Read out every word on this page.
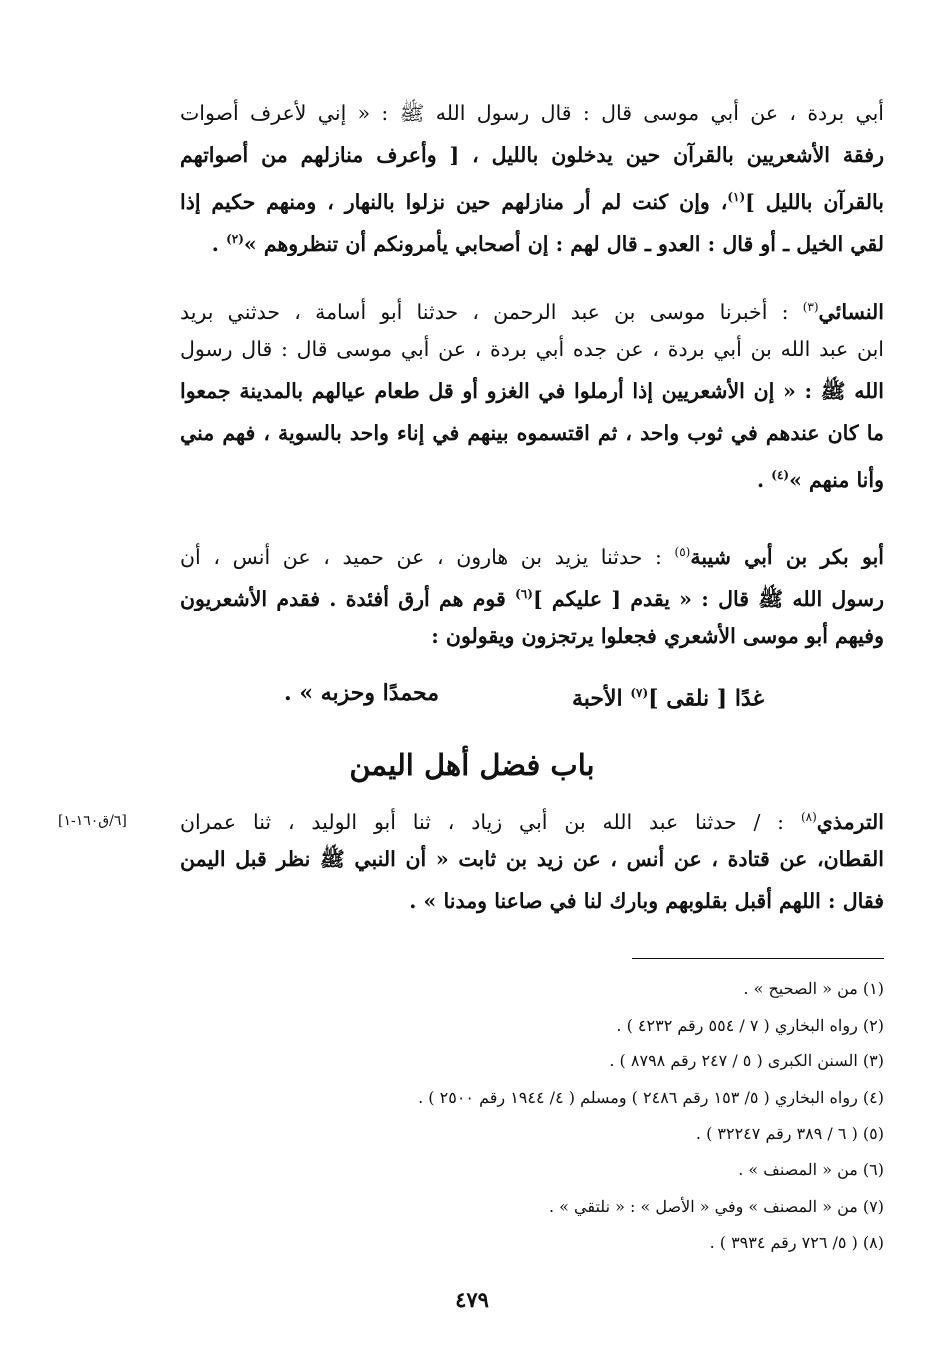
أبي بردة ، عن أبي موسى قال : قال رسول الله ﷺ : « إني لأعرف أصوات
رفقة الأشعريين بالقرآن حين يدخلون بالليل ، [ وأعرف منازلهم من أصواتهم
بالقرآن بالليل ]$^{(١)}$، وإن كنت لم أر منازلهم حين نزلوا بالنهار ، ومنهم حكيم إذا
لقي الخيل ـ أو قال : العدو ـ قال لهم : إن أصحابي يأمرونكم أن تنظروهم »$^{(٢)}$ .
النسائي$^{(٣)}$ : أخبرنا موسى بن عبد الرحمن ، حدثنا أبو أسامة ، حدثني بريد
ابن عبد الله بن أبي بردة ، عن جده أبي بردة ، عن أبي موسى قال : قال رسول
الله ﷺ : « إن الأشعريين إذا أرملوا في الغزو أو قل طعام عيالهم بالمدينة جمعوا
ما كان عندهم في ثوب واحد ، ثم اقتسموه بينهم في إناء واحد بالسوية ، فهم مني
وأنا منهم »$^{(٤)}$ .
أبو بكر بن أبي شيبة$^{(٥)}$ : حدثنا يزيد بن هارون ، عن حميد ، عن أنس ، أن
رسول الله ﷺ قال : « يقدم [ عليكم ]$^{(٦)}$ قوم هم أرق أفئدة . فقدم الأشعريون
وفيهم أبو موسى الأشعري فجعلوا يرتجزون ويقولون :
غدًا [ نلقى ]$^{(٧)}$ الأحبة
محمدًا وحزبه » .
باب فضل أهل اليمن
[٦/ق١٦٠-١]	الترمذي$^{(٨)}$ : / حدثنا عبد الله بن أبي زياد ، ثنا أبو الوليد ، ثنا عمران
القطان، عن قتادة ، عن أنس ، عن زيد بن ثابت « أن النبي ﷺ نظر قبل اليمن
فقال : اللهم أقبل بقلوبهم وبارك لنا في صاعنا ومدنا » .
(١) من « الصحيح » .
(٢) رواه البخاري ( ٧ / ٥٥٤ رقم ٤٢٣٢ ) .
(٣) السنن الكبرى ( ٥ / ٢٤٧ رقم ٨٧٩٨ ) .
(٤) رواه البخاري ( ٥/ ١٥٣ رقم ٢٤٨٦ ) ومسلم ( ٤/ ١٩٤٤ رقم ٢٥٠٠ ) .
(٥) ( ٦ / ٣٨٩ رقم ٣٢٢٤٧ ) .
(٦) من « المصنف » .
(٧) من « المصنف » وفي « الأصل » : « نلتقي » .
(٨) ( ٥/ ٧٢٦ رقم ٣٩٣٤ ) .
٤٧٩
